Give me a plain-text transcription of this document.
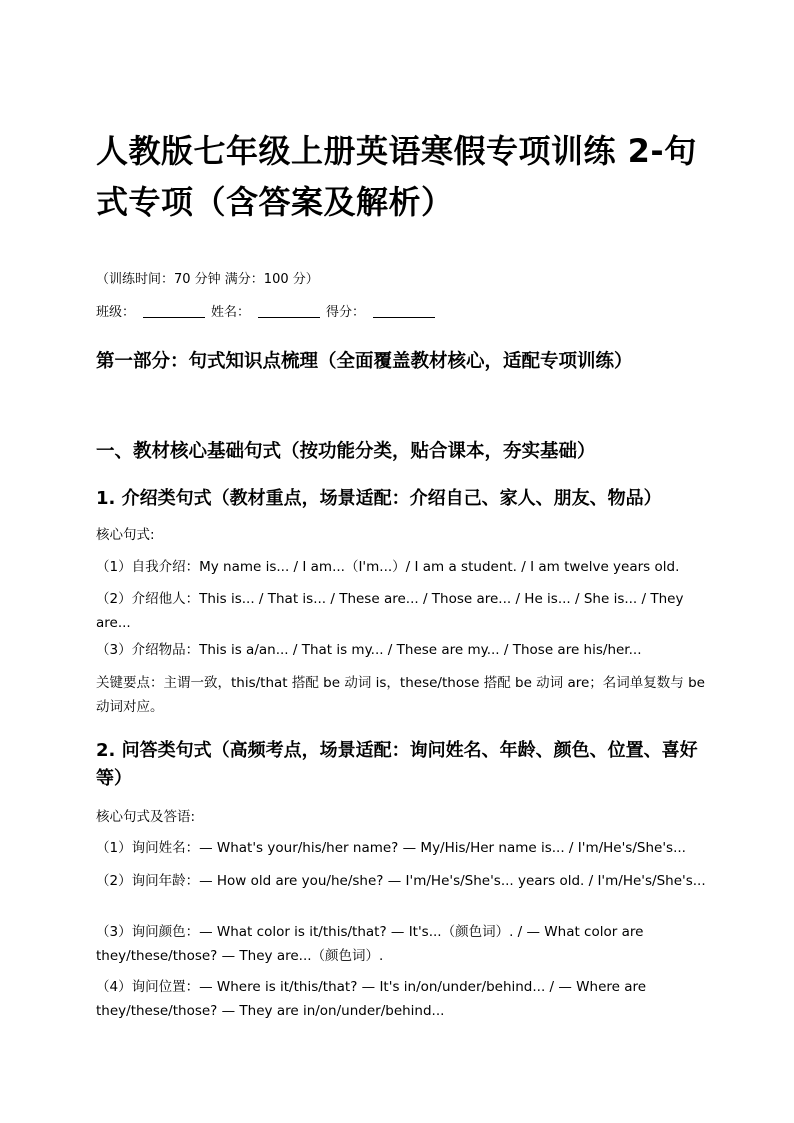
人教版七年级上册英语寒假专项训练 2-句式专项（含答案及解析）
（训练时间：70 分钟 满分：100 分）
班级：	姓名：	得分：
第一部分：句式知识点梳理（全面覆盖教材核心，适配专项训练）
一、教材核心基础句式（按功能分类，贴合课本，夯实基础）
1. 介绍类句式（教材重点，场景适配：介绍自己、家人、朋友、物品）
核心句式:
（1）自我介绍：My name is... / I am...（I'm...）/ I am a student. / I am twelve years old.
（2）介绍他人：This is... / That is... / These are... / Those are... / He is... / She is... / They are...
（3）介绍物品：This is a/an... / That is my... / These are my... / Those are his/her...
关键要点：主谓一致，this/that 搭配 be 动词 is，these/those 搭配 be 动词 are；名词单复数与 be 动词对应。
2. 问答类句式（高频考点，场景适配：询问姓名、年龄、颜色、位置、喜好等）
核心句式及答语:
（1）询问姓名：— What's your/his/her name? — My/His/Her name is... / I'm/He's/She's...
（2）询问年龄：— How old are you/he/she? — I'm/He's/She's... years old. / I'm/He's/She's...
（3）询问颜色：— What color is it/this/that? — It's...（颜色词）. / — What color are they/these/those? — They are...（颜色词）.
（4）询问位置：— Where is it/this/that? — It's in/on/under/behind... / — Where are they/these/those? — They are in/on/under/behind...
